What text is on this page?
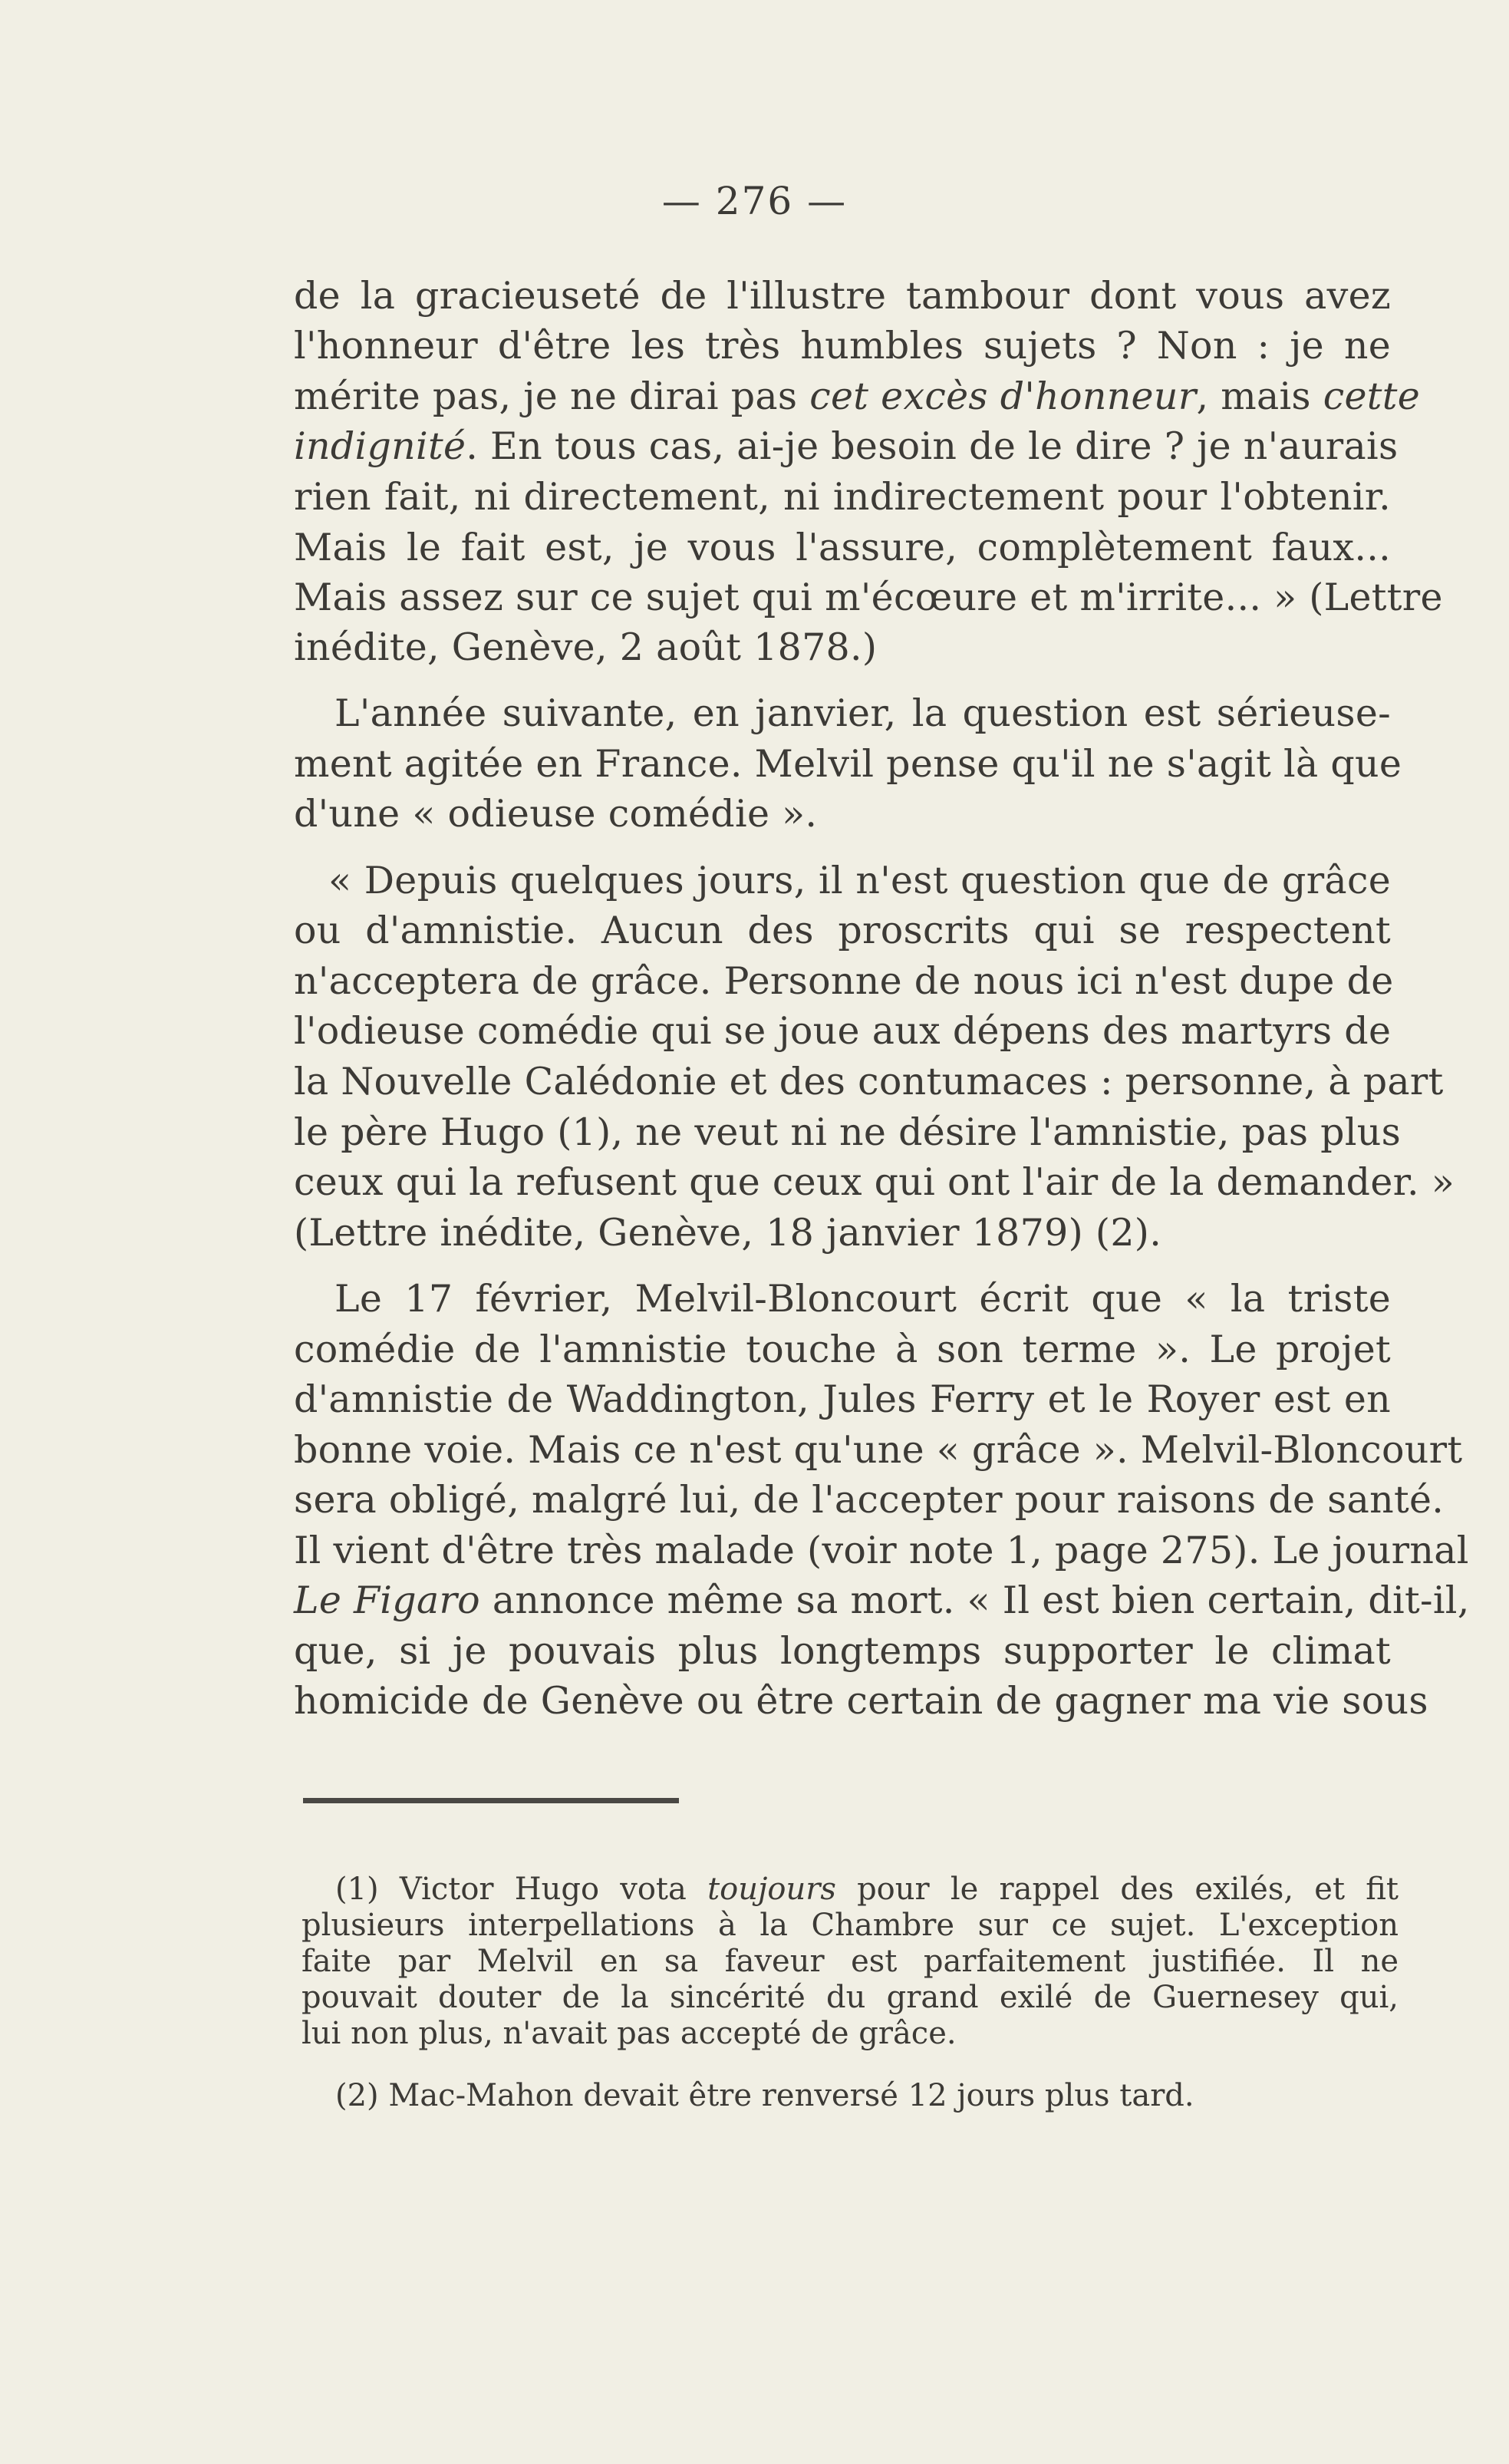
— 276 —
de la gracieuseté de l'illustre tambour dont vous avez
l'honneur d'être les très humbles sujets ? Non : je ne
mérite pas, je ne dirai pas cet excès d'honneur, mais cette
indignité. En tous cas, ai-je besoin de le dire ? je n'aurais
rien fait, ni directement, ni indirectement pour l'obtenir.
Mais le fait est, je vous l'assure, complètement faux...
Mais assez sur ce sujet qui m'écœure et m'irrite... » (Lettre
inédite, Genève, 2 août 1878.)
L'année suivante, en janvier, la question est sérieuse-
ment agitée en France. Melvil pense qu'il ne s'agit là que
d'une « odieuse comédie ».
« Depuis quelques jours, il n'est question que de grâce
ou d'amnistie. Aucun des proscrits qui se respectent
n'acceptera de grâce. Personne de nous ici n'est dupe de
l'odieuse comédie qui se joue aux dépens des martyrs de
la Nouvelle Calédonie et des contumaces : personne, à part
le père Hugo (1), ne veut ni ne désire l'amnistie, pas plus
ceux qui la refusent que ceux qui ont l'air de la demander. »
(Lettre inédite, Genève, 18 janvier 1879) (2).
Le 17 février, Melvil-Bloncourt écrit que « la triste
comédie de l'amnistie touche à son terme ». Le projet
d'amnistie de Waddington, Jules Ferry et le Royer est en
bonne voie. Mais ce n'est qu'une « grâce ». Melvil-Bloncourt
sera obligé, malgré lui, de l'accepter pour raisons de santé.
Il vient d'être très malade (voir note 1, page 275). Le journal
Le Figaro annonce même sa mort. « Il est bien certain, dit-il,
que, si je pouvais plus longtemps supporter le climat
homicide de Genève ou être certain de gagner ma vie sous
(1) Victor Hugo vota toujours pour le rappel des exilés, et fit
plusieurs interpellations à la Chambre sur ce sujet. L'exception
faite par Melvil en sa faveur est parfaitement justifiée. Il ne
pouvait douter de la sincérité du grand exilé de Guernesey qui,
lui non plus, n'avait pas accepté de grâce.
(2) Mac-Mahon devait être renversé 12 jours plus tard.
